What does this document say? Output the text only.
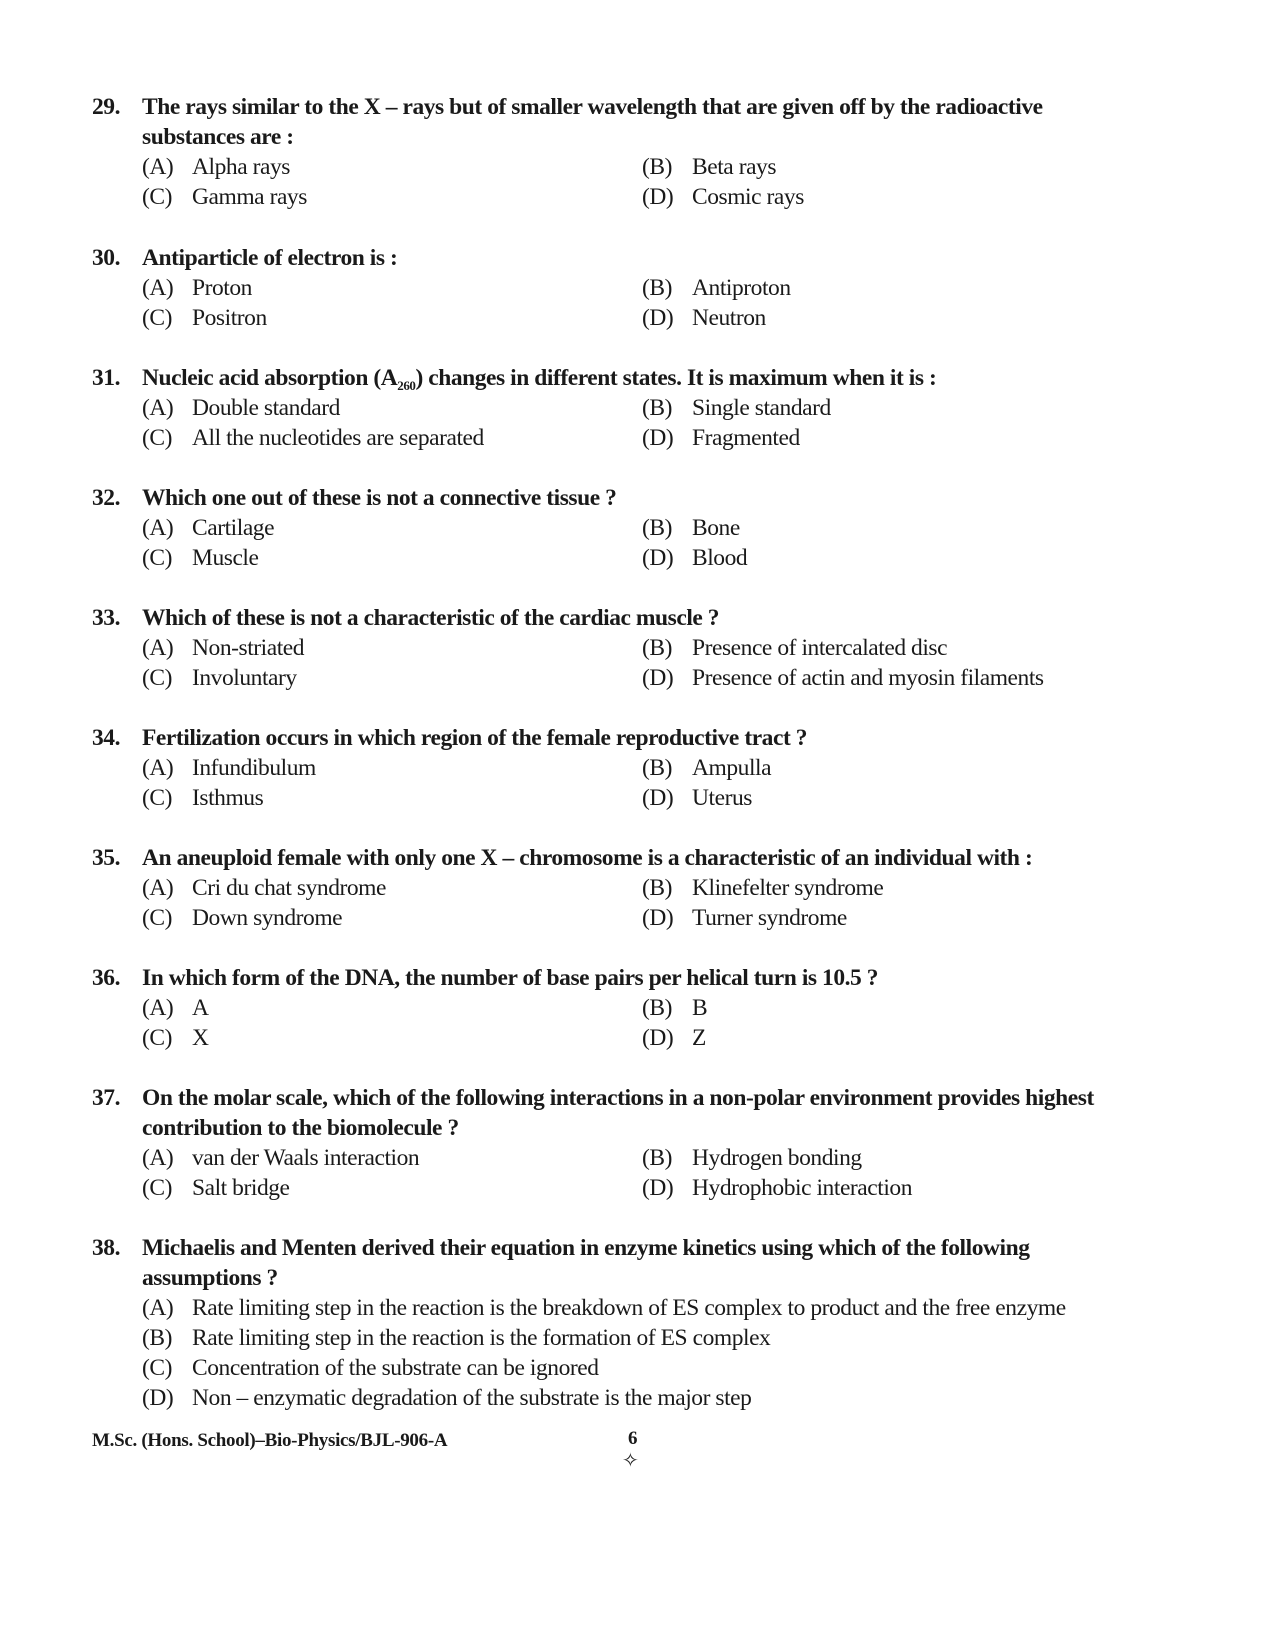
29. The rays similar to the X – rays but of smaller wavelength that are given off by the radioactive substances are :
(A) Alpha rays	(B) Beta rays
(C) Gamma rays	(D) Cosmic rays
30. Antiparticle of electron is :
(A) Proton	(B) Antiproton
(C) Positron	(D) Neutron
31. Nucleic acid absorption $(A_{260})$ changes in different states. It is maximum when it is :
(A) Double standard	(B) Single standard
(C) All the nucleotides are separated	(D) Fragmented
32. Which one out of these is not a connective tissue ?
(A) Cartilage	(B) Bone
(C) Muscle	(D) Blood
33. Which of these is not a characteristic of the cardiac muscle ?
(A) Non-striated	(B) Presence of intercalated disc
(C) Involuntary	(D) Presence of actin and myosin filaments
34. Fertilization occurs in which region of the female reproductive tract ?
(A) Infundibulum	(B) Ampulla
(C) Isthmus	(D) Uterus
35. An aneuploid female with only one X – chromosome is a characteristic of an individual with :
(A) Cri du chat syndrome	(B) Klinefelter syndrome
(C) Down syndrome	(D) Turner syndrome
36. In which form of the DNA, the number of base pairs per helical turn is 10.5 ?
(A) A	(B) B
(C) X	(D) Z
37. On the molar scale, which of the following interactions in a non-polar environment provides highest contribution to the biomolecule ?
(A) van der Waals interaction	(B) Hydrogen bonding
(C) Salt bridge	(D) Hydrophobic interaction
38. Michaelis and Menten derived their equation in enzyme kinetics using which of the following assumptions ?
(A) Rate limiting step in the reaction is the breakdown of ES complex to product and the free enzyme
(B) Rate limiting step in the reaction is the formation of ES complex
(C) Concentration of the substrate can be ignored
(D) Non – enzymatic degradation of the substrate is the major step
M.Sc. (Hons. School)–Bio-Physics/BJL-906-A	6
✧
